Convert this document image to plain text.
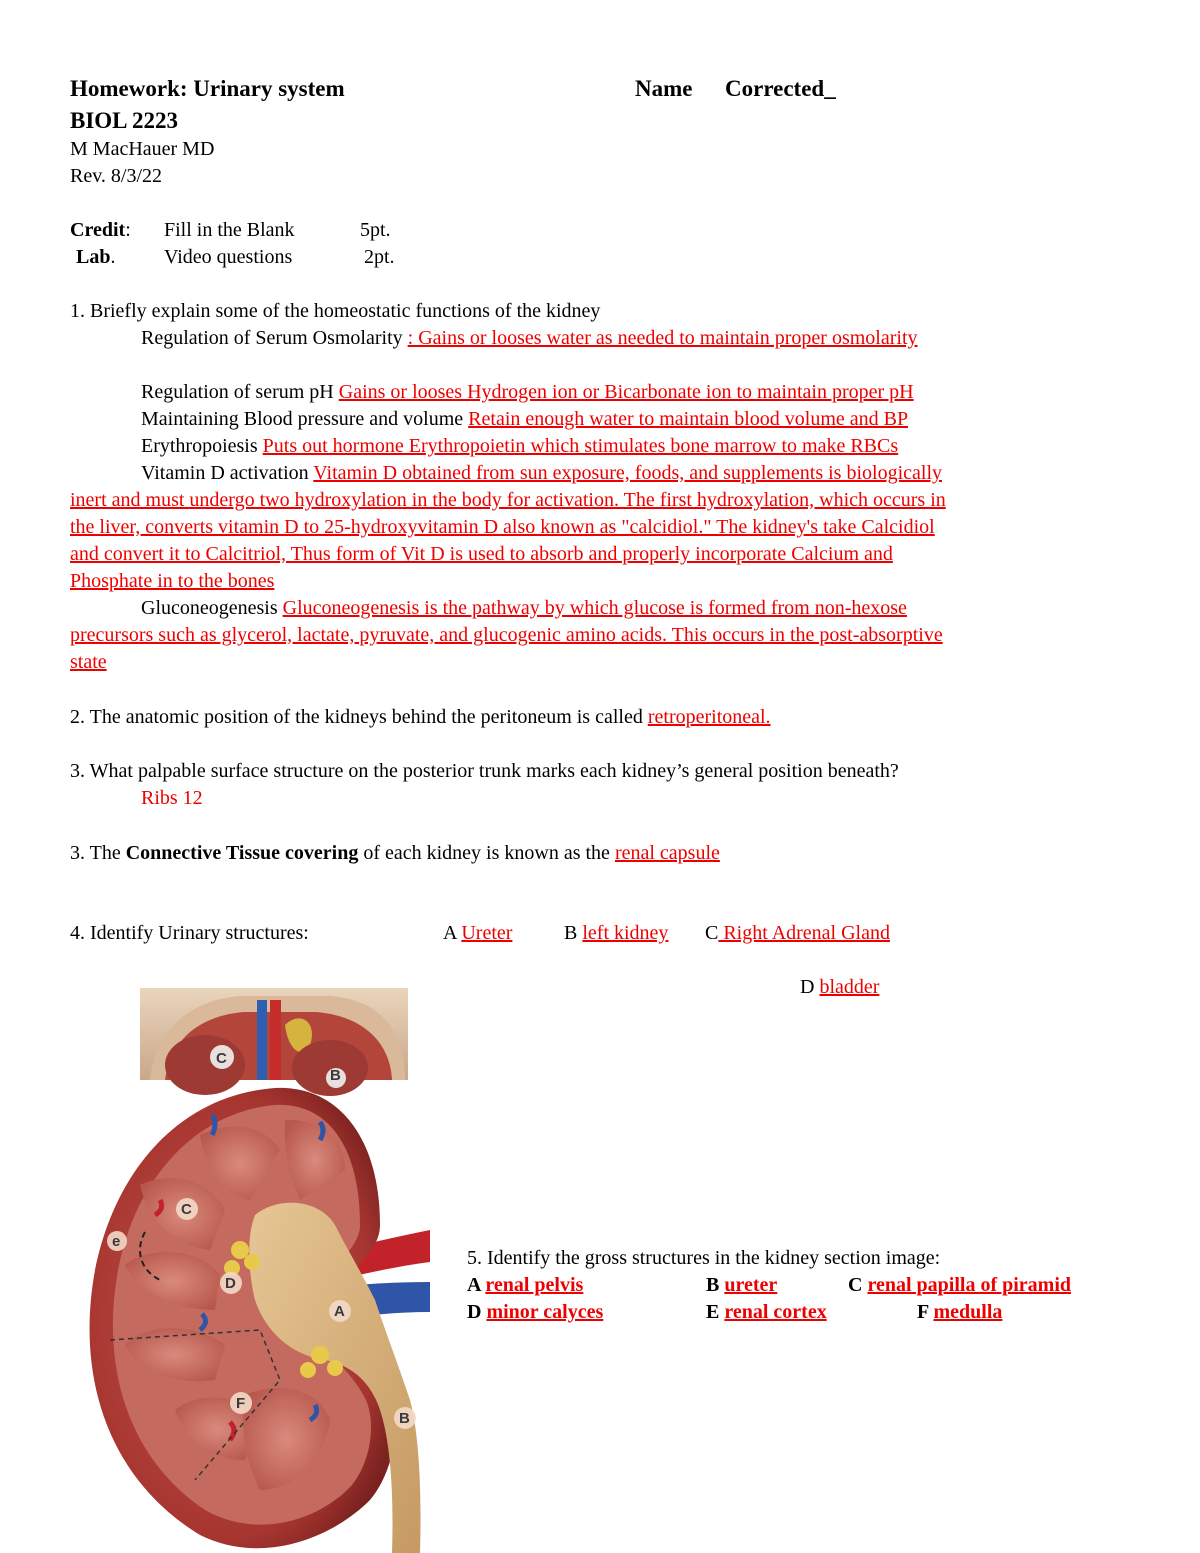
Homework: Urinary system	Name Corrected_
BIOL 2223
M MacHauer MD
Rev. 8/3/22
Credit: Fill in the Blank	5pt.
Lab. Video questions	2pt.
1. Briefly explain some of the homeostatic functions of the kidney
Regulation of Serum Osmolarity : Gains or looses water as needed to maintain proper osmolarity
Regulation of serum pH Gains or looses Hydrogen ion or Bicarbonate ion to maintain proper pH
Maintaining Blood pressure and volume Retain enough water to maintain blood volume and BP
Erythropoiesis Puts out hormone Erythropoietin which stimulates bone marrow to make RBCs
Vitamin D activation Vitamin D obtained from sun exposure, foods, and supplements is biologically
inert and must undergo two hydroxylation in the body for activation. The first hydroxylation, which occurs in
the liver, converts vitamin D to 25-hydroxyvitamin D also known as "calcidiol." The kidney's take Calcidiol
and convert it to Calcitriol, Thus form of Vit D is used to absorb and properly incorporate Calcium and
Phosphate in to the bones
Gluconeogenesis Gluconeogenesis is the pathway by which glucose is formed from non-hexose
precursors such as glycerol, lactate, pyruvate, and glucogenic amino acids. This occurs in the post-absorptive
state
2. The anatomic position of the kidneys behind the peritoneum is called retroperitoneal.
3. What palpable surface structure on the posterior trunk marks each kidney’s general position beneath?
Ribs 12
3. The Connective Tissue covering of each kidney is known as the renal capsule
4. Identify Urinary structures:	A Ureter	B left kidney C Right Adrenal Gland
D bladder
5. Identify the gross structures in the kidney section image:
A renal pelvis	B ureter	C renal papilla of piramid
D minor calyces	E renal cortex	F medulla
C
B
C
e
D
A
F
B
